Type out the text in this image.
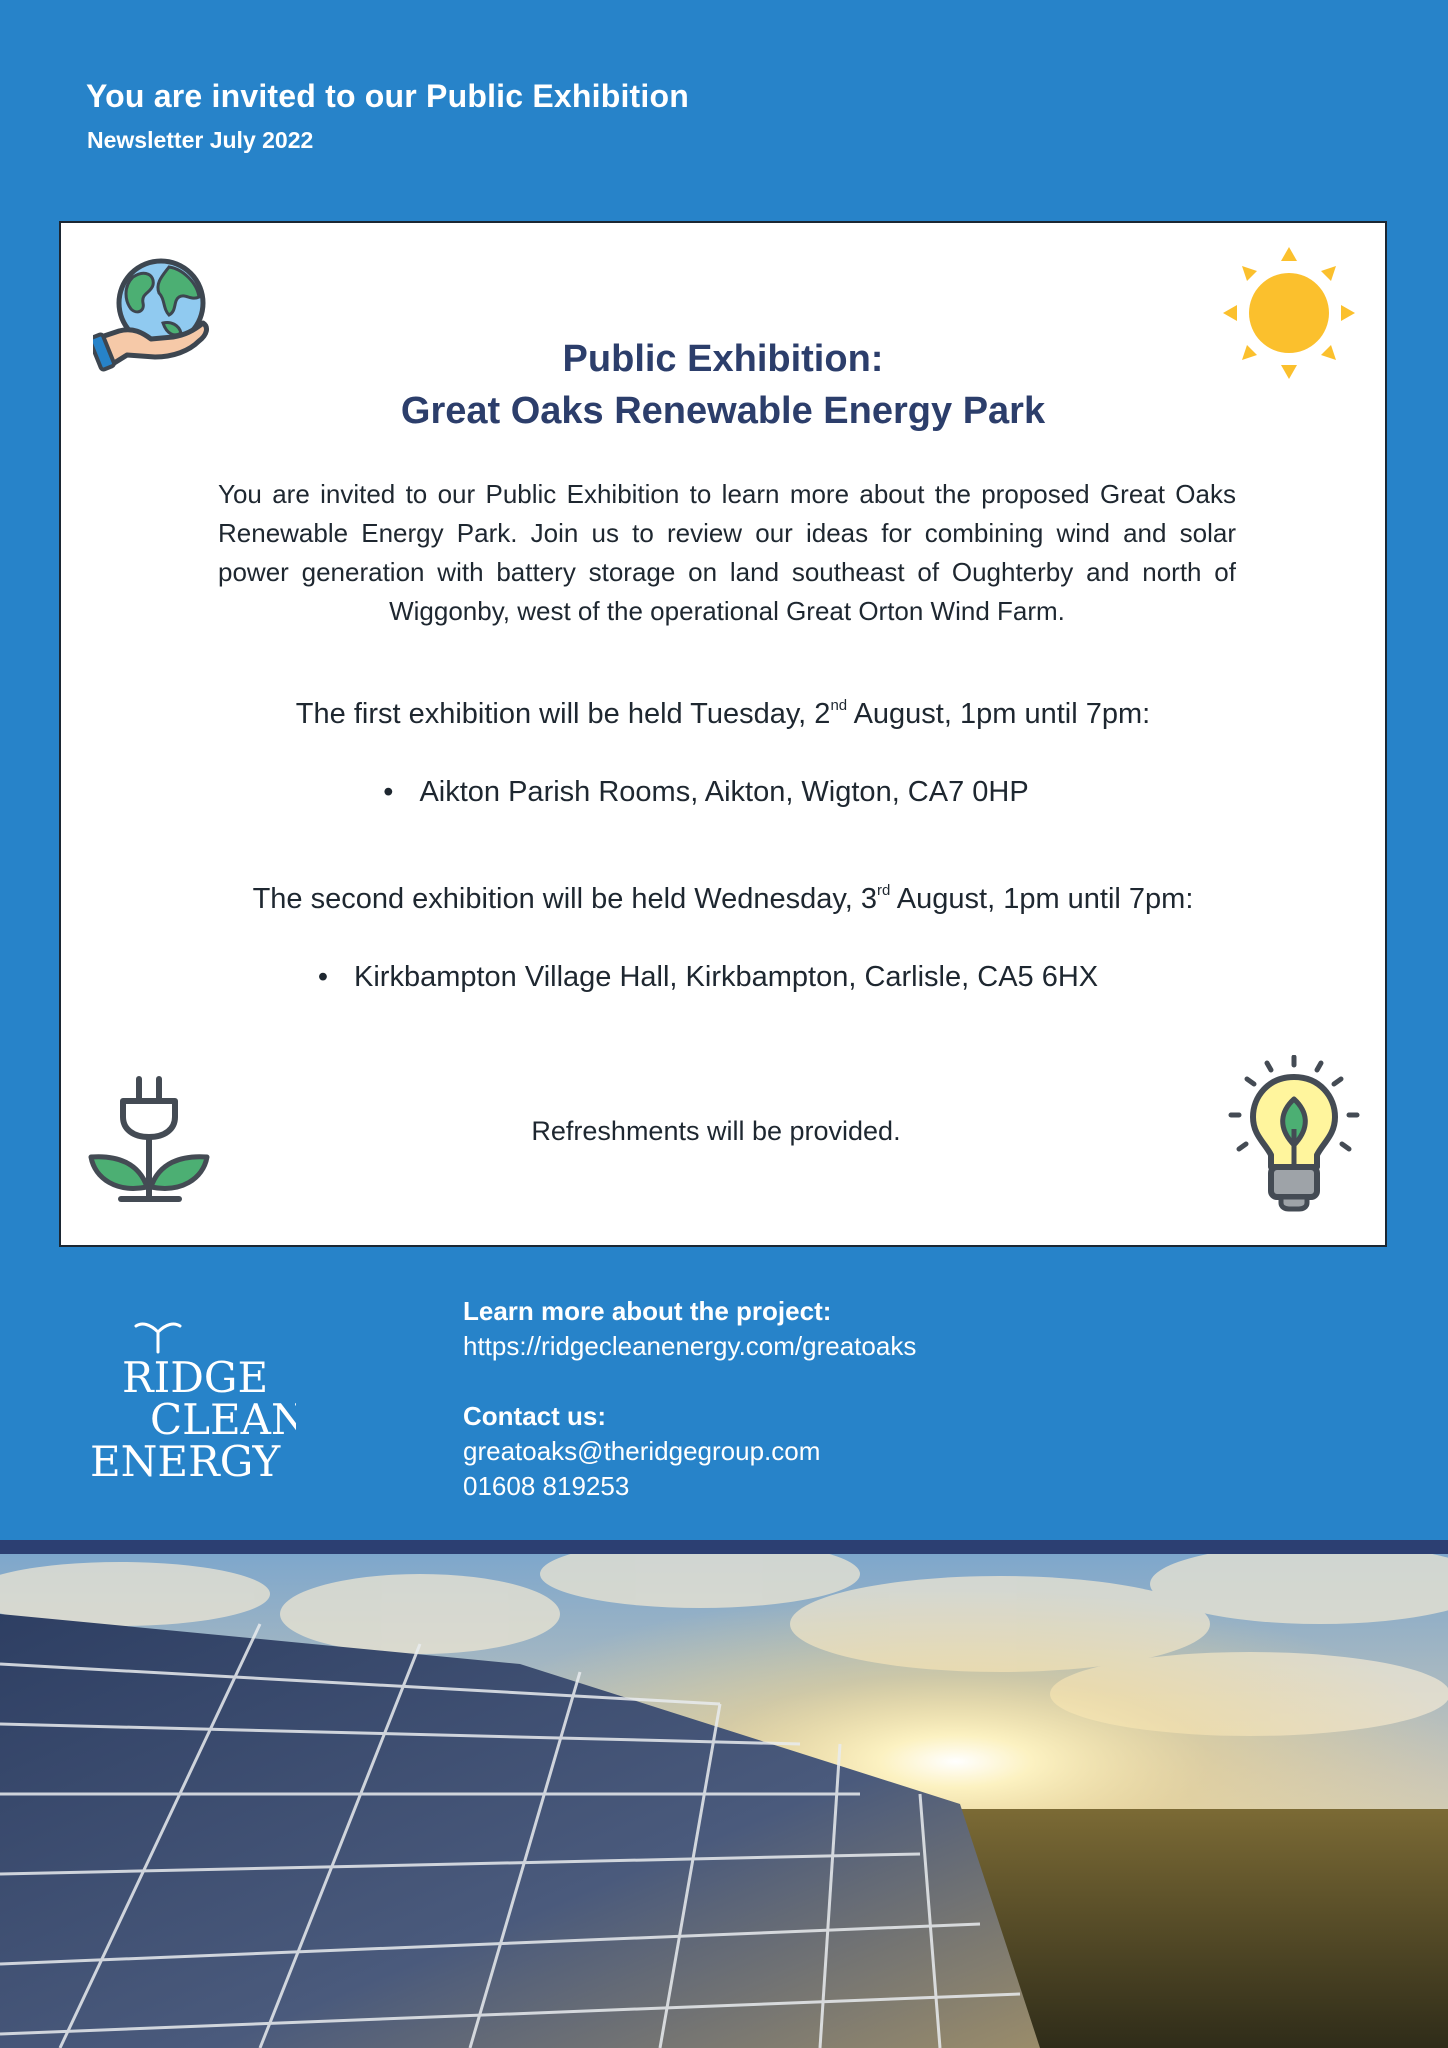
You are invited to our Public Exhibition
Newsletter July 2022
Public Exhibition:
Great Oaks Renewable Energy Park
You are invited to our Public Exhibition to learn more about the proposed Great Oaks Renewable Energy Park. Join us to review our ideas for combining wind and solar power generation with battery storage on land southeast of Oughterby and north of Wiggonby, west of the operational Great Orton Wind Farm.
The first exhibition will be held Tuesday, 2nd August, 1pm until 7pm:
• Aikton Parish Rooms, Aikton, Wigton, CA7 0HP
The second exhibition will be held Wednesday, 3rd August, 1pm until 7pm:
• Kirkbampton Village Hall, Kirkbampton, Carlisle, CA5 6HX
Refreshments will be provided.
RIDGE
CLEAN
ENERGY
Learn more about the project:
https://ridgecleanenergy.com/greatoaks
Contact us:
greatoaks@theridgegroup.com
01608 819253
